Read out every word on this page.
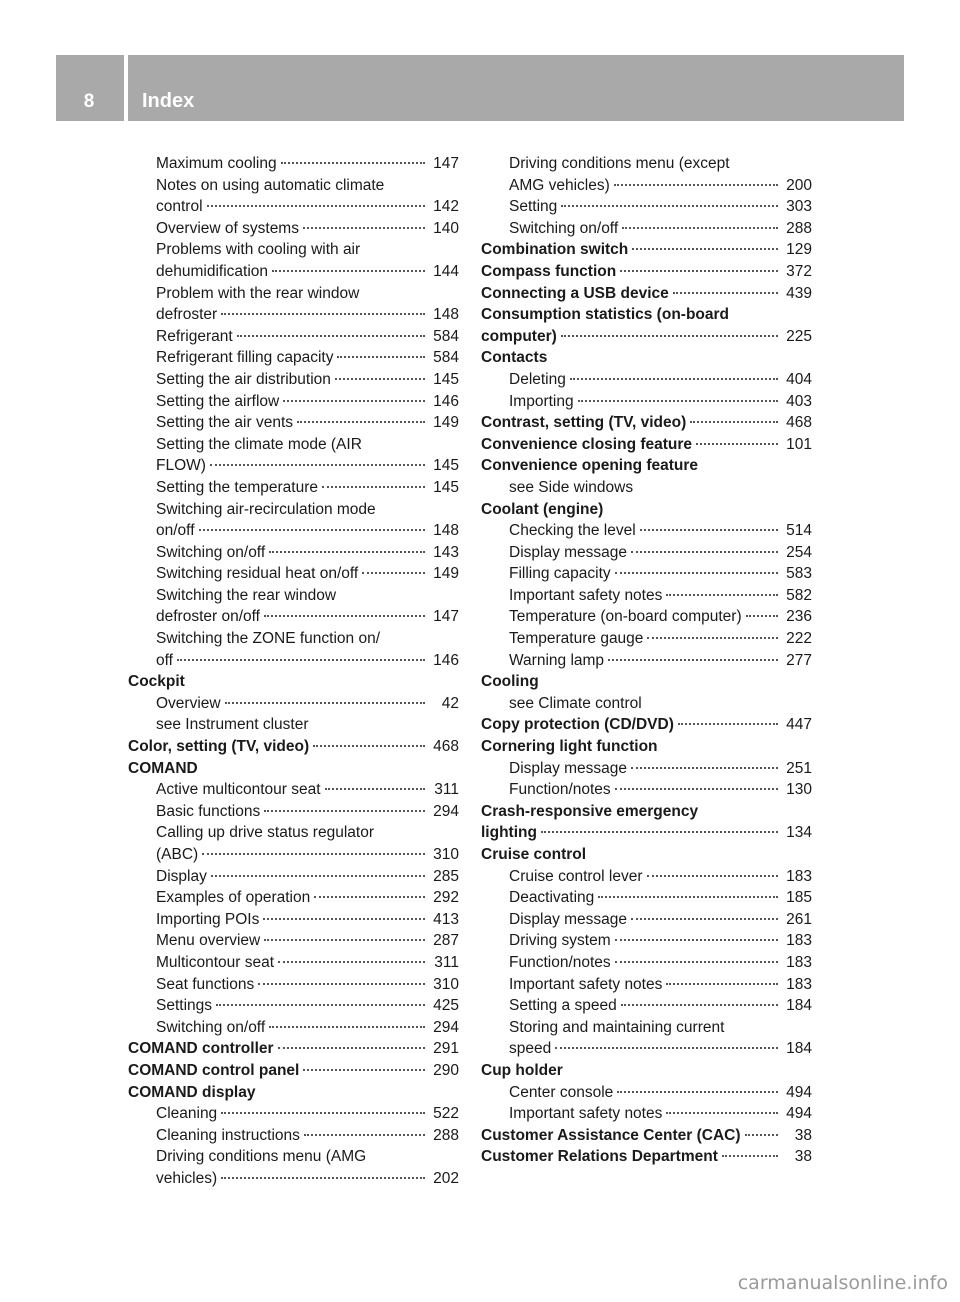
8	Index
Maximum cooling	147
Notes on using automatic climate
control	142
Overview of systems	140
Problems with cooling with air
dehumidification	144
Problem with the rear window
defroster	148
Refrigerant	584
Refrigerant filling capacity	584
Setting the air distribution	145
Setting the airflow	146
Setting the air vents	149
Setting the climate mode (AIR
FLOW)	145
Setting the temperature	145
Switching air-recirculation mode
on/off	148
Switching on/off	143
Switching residual heat on/off	149
Switching the rear window
defroster on/off	147
Switching the ZONE function on/
off	146
Cockpit
Overview	42
see Instrument cluster
Color, setting (TV, video)	468
COMAND
Active multicontour seat	311
Basic functions	294
Calling up drive status regulator
(ABC)	310
Display	285
Examples of operation	292
Importing POIs	413
Menu overview	287
Multicontour seat	311
Seat functions	310
Settings	425
Switching on/off	294
COMAND controller	291
COMAND control panel	290
COMAND display
Cleaning	522
Cleaning instructions	288
Driving conditions menu (AMG
vehicles)	202
Driving conditions menu (except
AMG vehicles)	200
Setting	303
Switching on/off	288
Combination switch	129
Compass function	372
Connecting a USB device	439
Consumption statistics (on-board
computer)	225
Contacts
Deleting	404
Importing	403
Contrast, setting (TV, video)	468
Convenience closing feature	101
Convenience opening feature
see Side windows
Coolant (engine)
Checking the level	514
Display message	254
Filling capacity	583
Important safety notes	582
Temperature (on-board computer)	236
Temperature gauge	222
Warning lamp	277
Cooling
see Climate control
Copy protection (CD/DVD)	447
Cornering light function
Display message	251
Function/notes	130
Crash-responsive emergency
lighting	134
Cruise control
Cruise control lever	183
Deactivating	185
Display message	261
Driving system	183
Function/notes	183
Important safety notes	183
Setting a speed	184
Storing and maintaining current
speed	184
Cup holder
Center console	494
Important safety notes	494
Customer Assistance Center (CAC)	38
Customer Relations Department	38
carmanualsonline.info
